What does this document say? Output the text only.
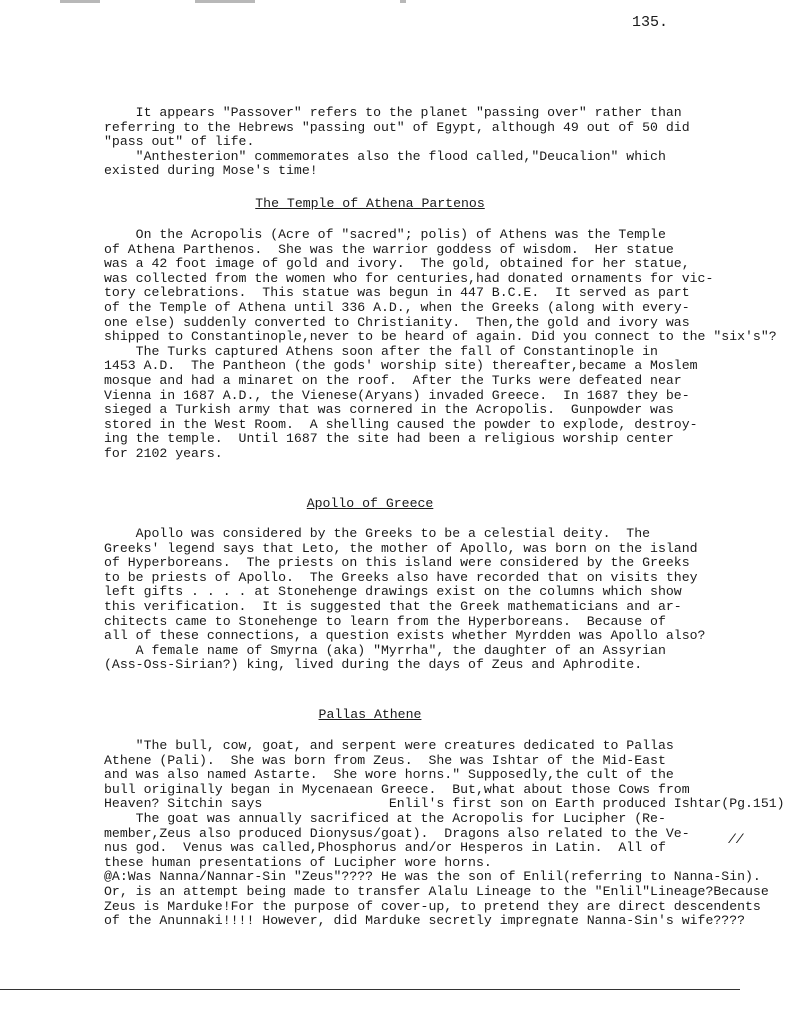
135.

It appears "Passover" refers to the planet "passing over" rather than

referring to the Hebrews "passing out" of Egypt, although 49 out of 50 did

"pass out" of life.

"Anthesterion" commemorates also the flood called,"Deucalion" which

existed during Mose's time!

The Temple of Athena Partenos

On the Acropolis (Acre of "sacred"; polis) of Athens was the Temple

of Athena Parthenos.  She was the warrior goddess of wisdom.  Her statue

was a 42 foot image of gold and ivory.  The gold, obtained for her statue,

was collected from the women who for centuries,had donated ornaments for vic-

tory celebrations.  This statue was begun in 447 B.C.E.  It served as part

of the Temple of Athena until 336 A.D., when the Greeks (along with every-

one else) suddenly converted to Christianity.  Then,the gold and ivory was

shipped to Constantinople,never to be heard of again. Did you connect to the "six's"?

The Turks captured Athens soon after the fall of Constantinople in

1453 A.D.  The Pantheon (the gods' worship site) thereafter,became a Moslem

mosque and had a minaret on the roof.  After the Turks were defeated near

Vienna in 1687 A.D., the Vienese(Aryans) invaded Greece.  In 1687 they be-

sieged a Turkish army that was cornered in the Acropolis.  Gunpowder was

stored in the West Room.  A shelling caused the powder to explode, destroy-

ing the temple.  Until 1687 the site had been a religious worship center

for 2102 years.

Apollo of Greece

Apollo was considered by the Greeks to be a celestial deity.  The

Greeks' legend says that Leto, the mother of Apollo, was born on the island

of Hyperboreans.  The priests on this island were considered by the Greeks

to be priests of Apollo.  The Greeks also have recorded that on visits they

left gifts . . . . at Stonehenge drawings exist on the columns which show

this verification.  It is suggested that the Greek mathematicians and ar-

chitects came to Stonehenge to learn from the Hyperboreans.  Because of

all of these connections, a question exists whether Myrdden was Apollo also?

A female name of Smyrna (aka) "Myrrha", the daughter of an Assyrian

(Ass-Oss-Sirian?) king, lived during the days of Zeus and Aphrodite.

Pallas Athene

"The bull, cow, goat, and serpent were creatures dedicated to Pallas

Athene (Pali).  She was born from Zeus.  She was Ishtar of the Mid-East

and was also named Astarte.  She wore horns." Supposedly,the cult of the

bull originally began in Mycenaean Greece.  But,what about those Cows from

Heaven? Sitchin says                Enlil's first son on Earth produced Ishtar(Pg.151)

The goat was annually sacrificed at the Acropolis for Lucipher (Re-

member,Zeus also produced Dionysus/goat).  Dragons also related to the Ve-

nus god.  Venus was called,Phosphorus and/or Hesperos in Latin.  All of

these human presentations of Lucipher wore horns.

@A:Was Nanna/Nannar-Sin "Zeus"???? He was the son of Enlil(referring to Nanna-Sin).

Or, is an attempt being made to transfer Alalu Lineage to the "Enlil"Lineage?Because

Zeus is Marduke!For the purpose of cover-up, to pretend they are direct descendents

of the Anunnaki!!!! However, did Marduke secretly impregnate Nanna-Sin's wife????

//
